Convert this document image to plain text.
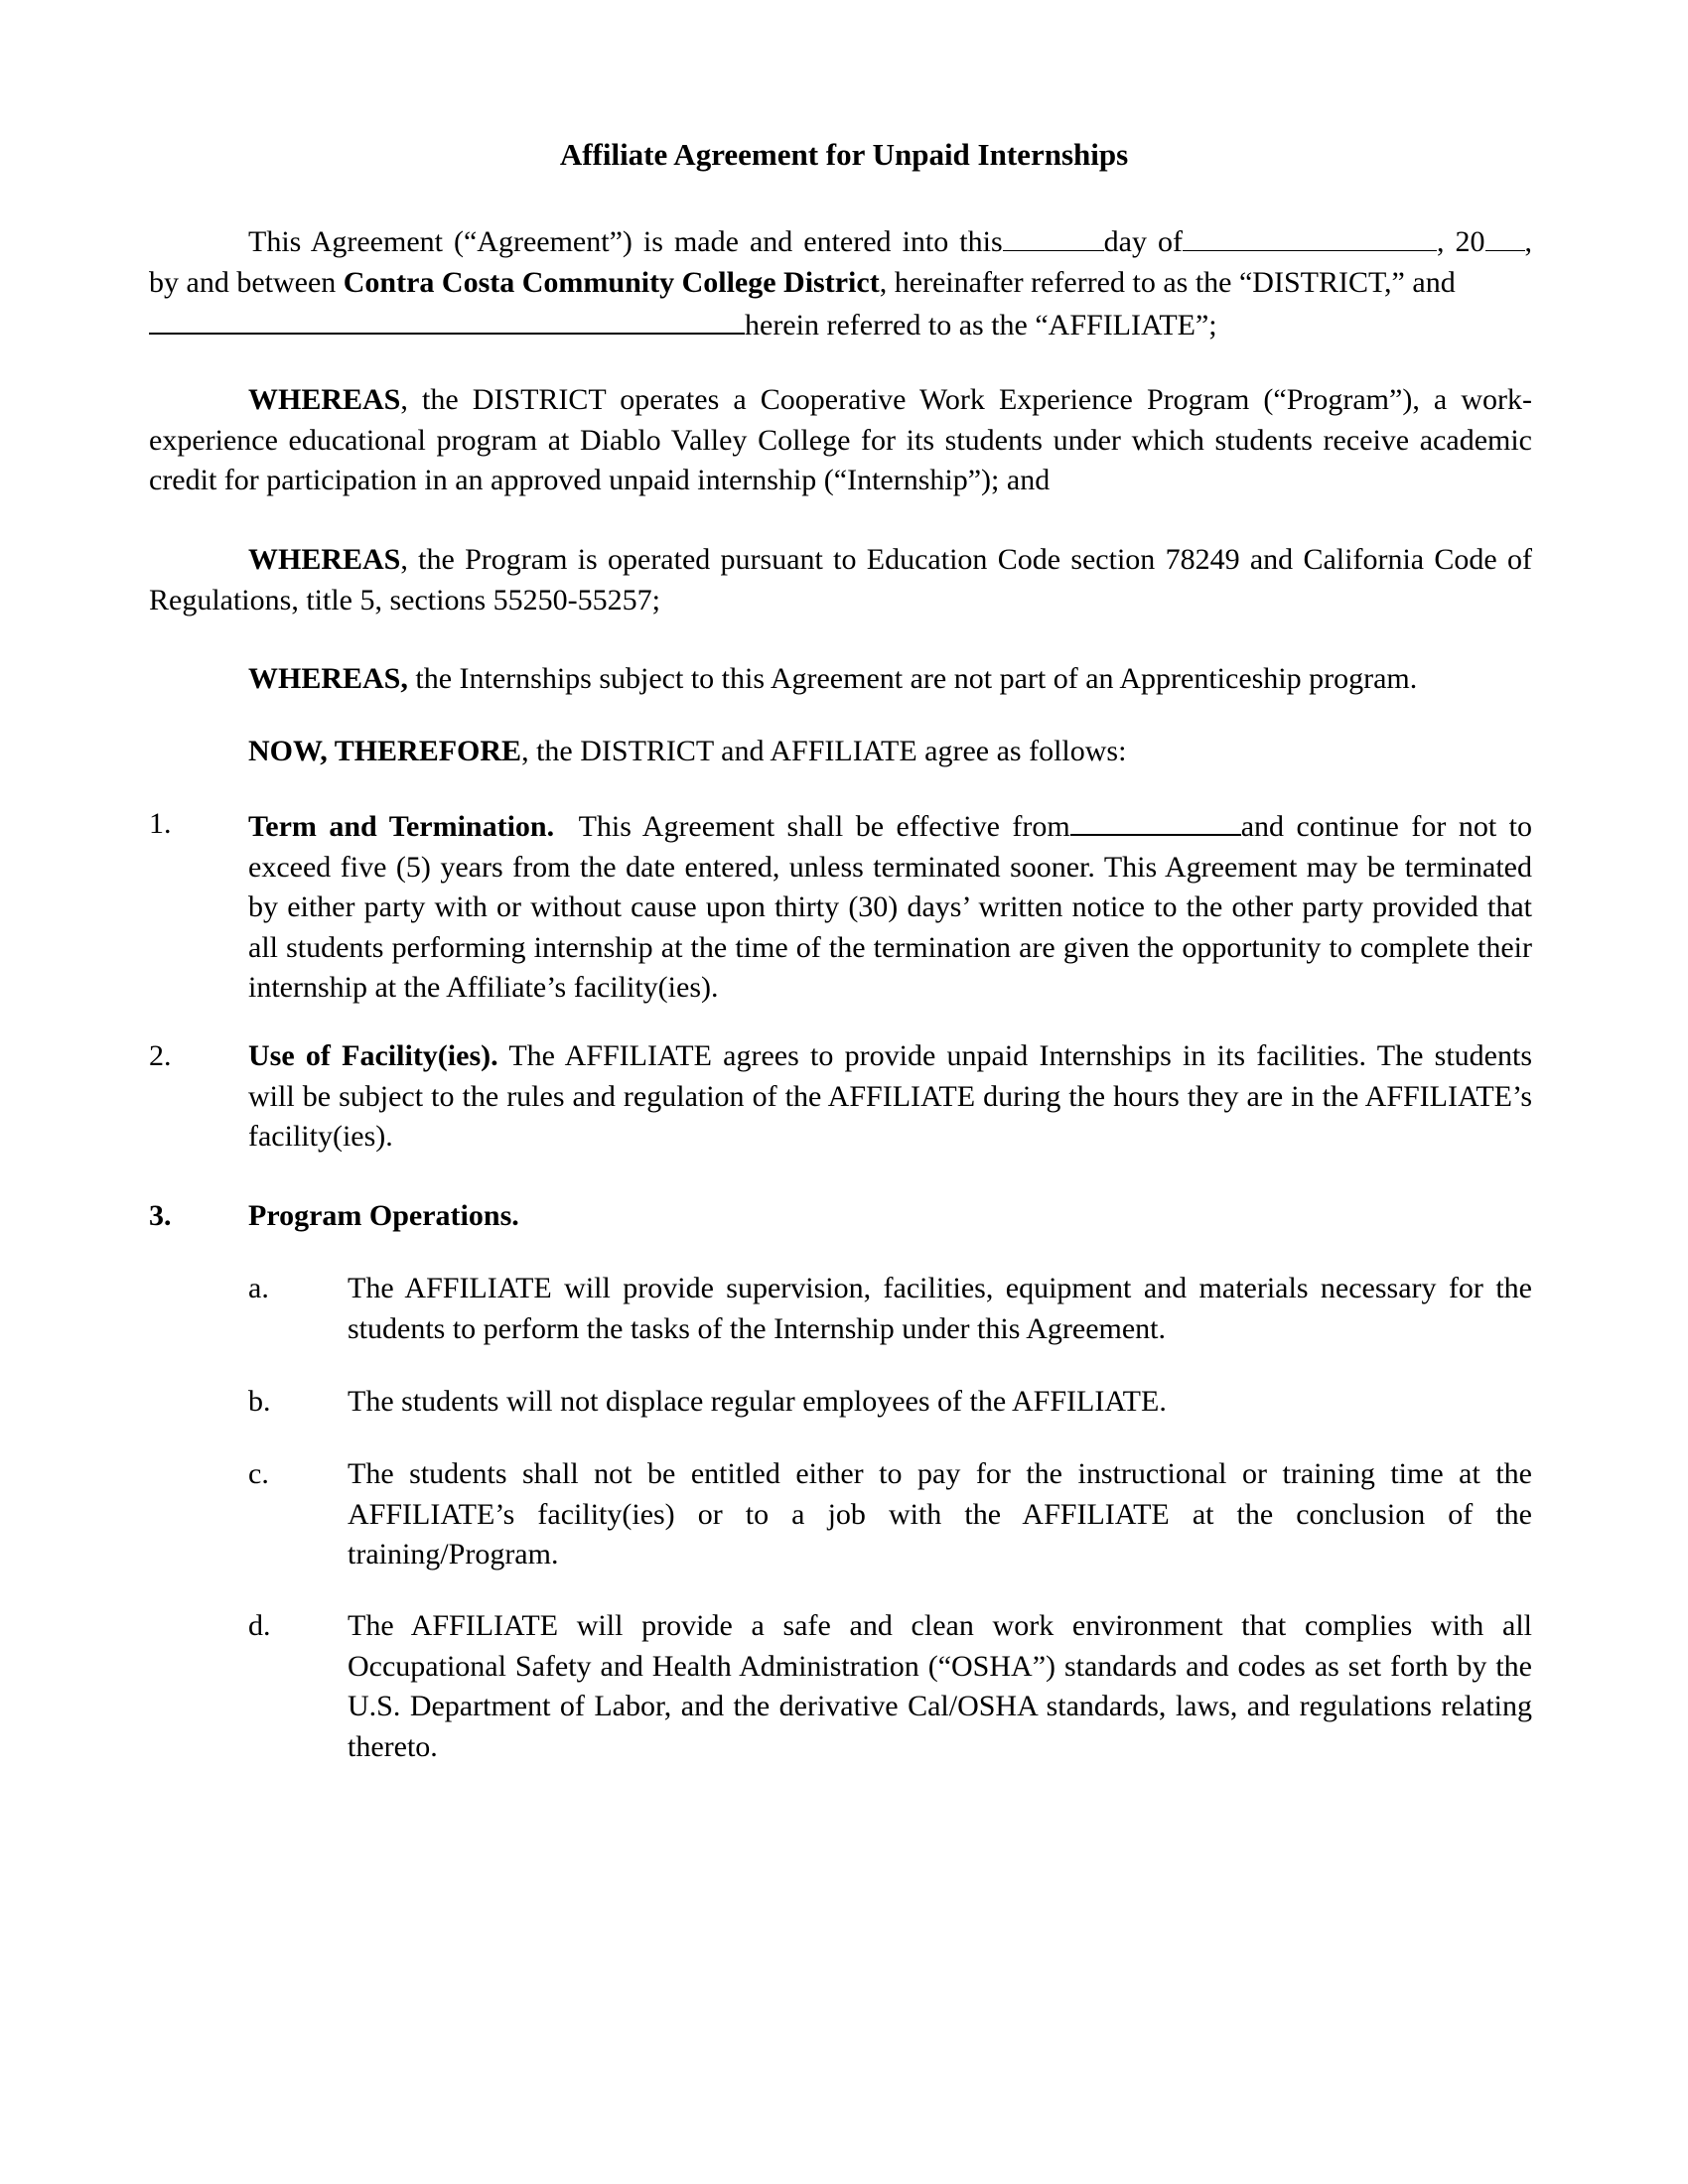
Affiliate Agreement for Unpaid Internships

This Agreement (“Agreement”) is made and entered into this	day of	, 20 , by and between Contra Costa Community College District, hereinafter referred to as the “DISTRICT,” and
herein referred to as the “AFFILIATE”;

WHEREAS, the DISTRICT operates a Cooperative Work Experience Program (“Program”), a work-experience educational program at Diablo Valley College for its students under which students receive academic credit for participation in an approved unpaid internship (“Internship”); and

WHEREAS, the Program is operated pursuant to Education Code section 78249 and California Code of Regulations, title 5, sections 55250-55257;

WHEREAS, the Internships subject to this Agreement are not part of an Apprenticeship program.

NOW, THEREFORE, the DISTRICT and AFFILIATE agree as follows:

1.	Term and Termination. This Agreement shall be effective from	and continue for not to exceed five (5) years from the date entered, unless terminated sooner. This Agreement may be terminated by either party with or without cause upon thirty (30) days’ written notice to the other party provided that all students performing internship at the time of the termination are given the opportunity to complete their internship at the Affiliate’s facility(ies).

2.	Use of Facility(ies). The AFFILIATE agrees to provide unpaid Internships in its facilities. The students will be subject to the rules and regulation of the AFFILIATE during the hours they are in the AFFILIATE’s facility(ies).

3.	Program Operations.

a.	The AFFILIATE will provide supervision, facilities, equipment and materials necessary for the students to perform the tasks of the Internship under this Agreement.

b.	The students will not displace regular employees of the AFFILIATE.

c.	The students shall not be entitled either to pay for the instructional or training time at the AFFILIATE’s facility(ies) or to a job with the AFFILIATE at the conclusion of the training/Program.

d.	The AFFILIATE will provide a safe and clean work environment that complies with all Occupational Safety and Health Administration (“OSHA”) standards and codes as set forth by the U.S. Department of Labor, and the derivative Cal/OSHA standards, laws, and regulations relating thereto.
